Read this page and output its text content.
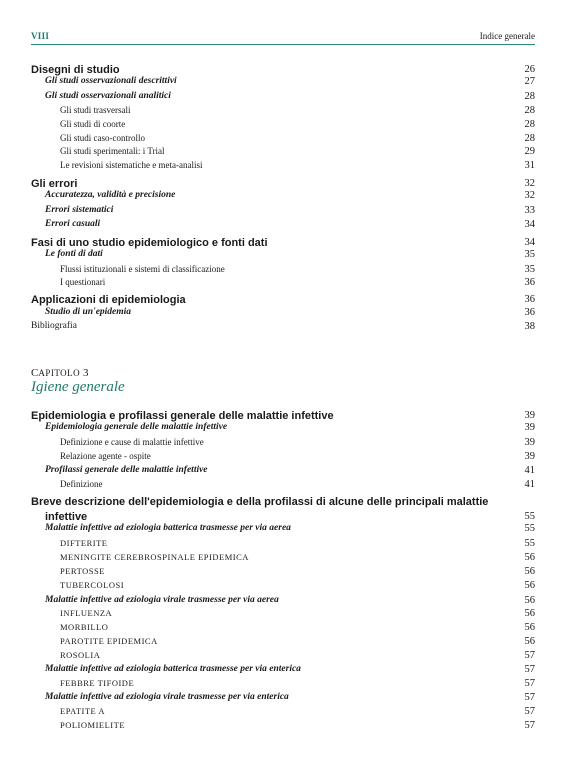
VIII	Indice generale
Disegni di studio	26
Gli studi osservazionali descrittivi	27
Gli studi osservazionali analitici	28
Gli studi trasversali	28
Gli studi di coorte	28
Gli studi caso-controllo	28
Gli studi sperimentali: i Trial	29
Le revisioni sistematiche e meta-analisi	31
Gli errori	32
Accuratezza, validità e precisione	32
Errori sistematici	33
Errori casuali	34
Fasi di uno studio epidemiologico e fonti dati	34
Le fonti di dati	35
Flussi istituzionali e sistemi di classificazione	35
I questionari	36
Applicazioni di epidemiologia	36
Studio di un'epidemia	36
Bibliografia	38
Epidemiologia e profilassi generale delle malattie infettive	39
Epidemiologia generale delle malattie infettive	39
Definizione e cause di malattie infettive	39
Relazione agente - ospite	39
Profilassi generale delle malattie infettive	41
Definizione	41
Breve descrizione dell'epidemiologia e della profilassi di alcune delle principali malattie
infettive	55
Malattie infettive ad eziologia batterica trasmesse per via aerea	55
DIFTERITE	55
MENINGITE CEREBROSPINALE EPIDEMICA	56
PERTOSSE	56
TUBERCOLOSI	56
Malattie infettive ad eziologia virale trasmesse per via aerea	56
INFLUENZA	56
MORBILLO	56
PAROTITE EPIDEMICA	56
ROSOLIA	57
Malattie infettive ad eziologia batterica trasmesse per via enterica	57
FEBBRE TIFOIDE	57
Malattie infettive ad eziologia virale trasmesse per via enterica	57
EPATITE A	57
POLIOMIELITE	57
CAPITOLO 3
Igiene generale
